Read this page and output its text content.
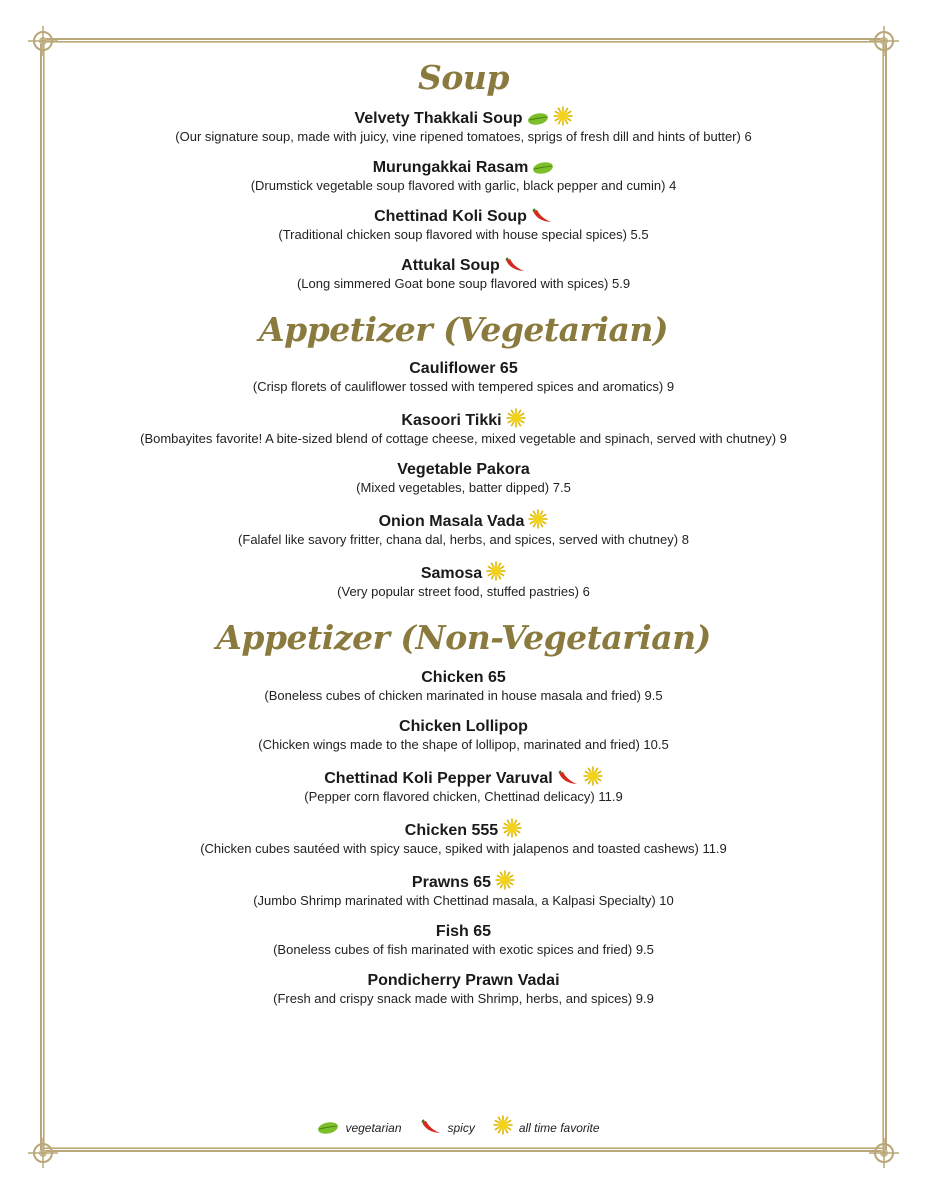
Soup
Velvety Thakkali Soup
(Our signature soup, made with juicy, vine ripened tomatoes, sprigs of fresh dill and hints of butter) 6
Murungakkai Rasam
(Drumstick vegetable soup flavored with garlic, black pepper and cumin) 4
Chettinad Koli Soup
(Traditional chicken soup flavored with house special spices) 5.5
Attukal Soup
(Long simmered Goat bone soup flavored with spices) 5.9
Appetizer (Vegetarian)
Cauliflower 65
(Crisp florets of cauliflower tossed with tempered spices and aromatics) 9
Kasoori Tikki
(Bombayites favorite! A bite-sized blend of cottage cheese, mixed vegetable and spinach, served with chutney) 9
Vegetable Pakora
(Mixed vegetables, batter dipped) 7.5
Onion Masala Vada
(Falafel like savory fritter, chana dal, herbs, and spices, served with chutney) 8
Samosa
(Very popular street food, stuffed pastries) 6
Appetizer (Non-Vegetarian)
Chicken 65
(Boneless cubes of chicken marinated in house masala and fried) 9.5
Chicken Lollipop
(Chicken wings made to the shape of lollipop, marinated and fried) 10.5
Chettinad Koli Pepper Varuval
(Pepper corn flavored chicken, Chettinad delicacy) 11.9
Chicken 555
(Chicken cubes sautéed with spicy sauce, spiked with jalapenos and toasted cashews) 11.9
Prawns 65
(Jumbo Shrimp marinated with Chettinad masala, a Kalpasi Specialty) 10
Fish 65
(Boneless cubes of fish marinated with exotic spices and fried) 9.5
Pondicherry Prawn Vadai
(Fresh and crispy snack made with Shrimp, herbs, and spices) 9.9
vegetarian	spicy	all time favorite
